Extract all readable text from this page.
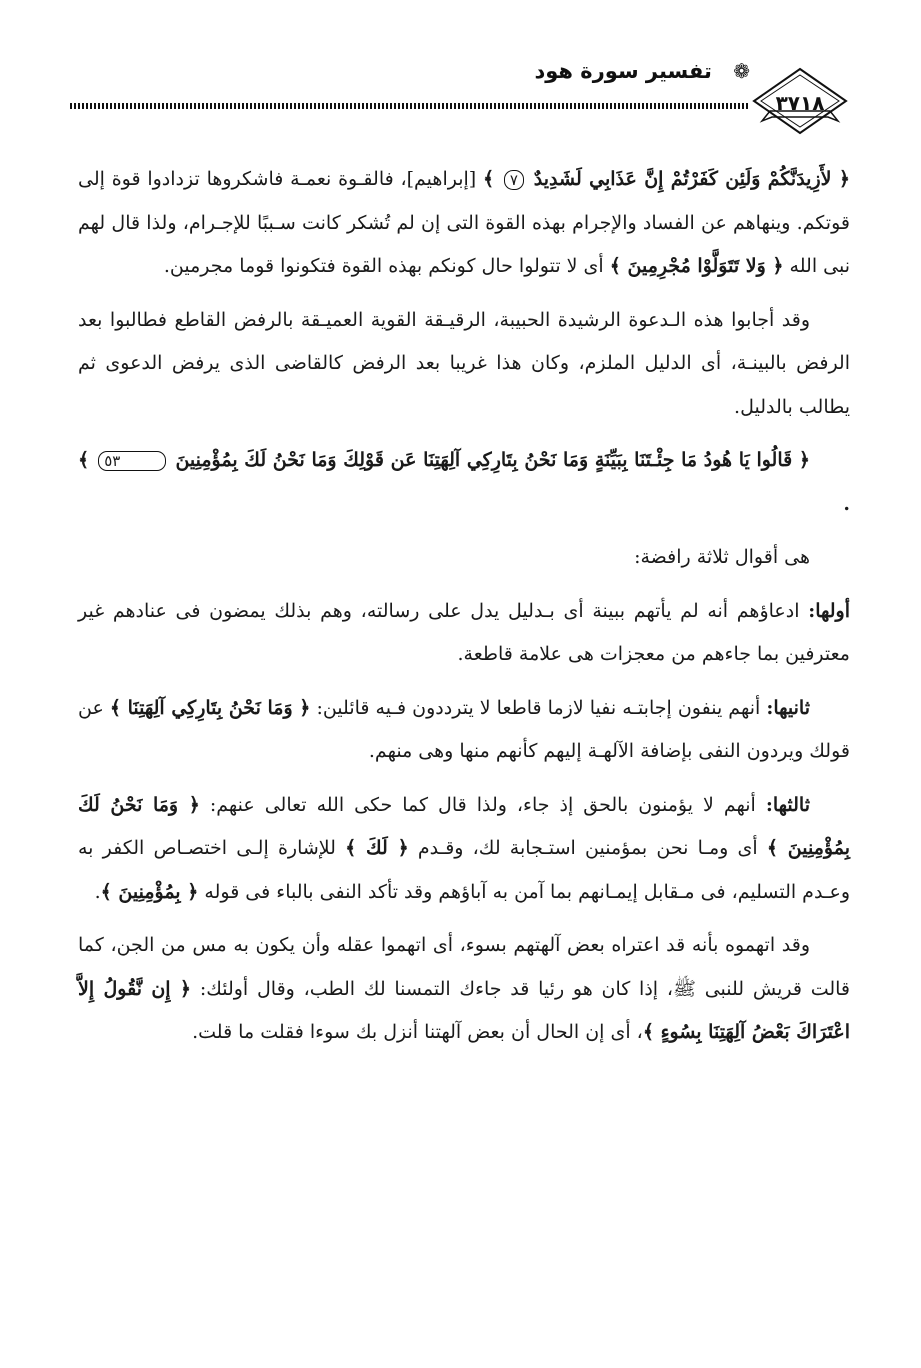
٣٧١٨
❁ تفسير سورة هود

﴿ لأَزِيدَنَّكُمْ وَلَئِن كَفَرْتُمْ إِنَّ عَذَابِي لَشَدِيدٌ ٧ ﴾ [إبراهيم]، فالقـوة نعمـة فاشكروها تزدادوا قوة إلى قوتكم. وينهاهم عن الفساد والإجرام بهذه القوة التى إن لم تُشكر كانت سـببًا للإجـرام، ولذا قال لهم نبى الله ﴿ وَلا تَتَوَلَّوْا مُجْرِمِينَ ﴾ أى لا تتولوا حال كونكم بهذه القوة فتكونوا قوما مجرمين.

وقد أجابوا هذه الـدعوة الرشيدة الحبيبة، الرقيـقة القوية العميـقة بالرفض القاطع فطالبوا بعد الرفض بالبينـة، أى الدليل الملزم، وكان هذا غريبا بعد الرفض كالقاضى الذى يرفض الدعوى ثم يطالب بالدليل.

﴿ قَالُوا يَا هُودُ مَا جِئْـتَنَا بِبَيِّنَةٍ وَمَا نَحْنُ بِتَارِكِي آلِهَتِنَا عَن قَوْلِكَ وَمَا نَحْنُ لَكَ بِمُؤْمِنِينَ ٥٣ ﴾ .

هى أقوال ثلاثة رافضة:

أولها: ادعاؤهم أنه لم يأتهم ببينة أى بـدليل يدل على رسالته، وهم بذلك يمضون فى عنادهم غير معترفين بما جاءهم من معجزات هى علامة قاطعة.

ثانيها: أنهم ينفون إجابتـه نفيا لازما قاطعا لا يترددون فـيه قائلين: ﴿ وَمَا نَحْنُ بِتَارِكِي آلِهَتِنَا ﴾ عن قولك ويردون النفى بإضافة الآلهـة إليهم كأنهم منها وهى منهم.

ثالثها: أنهم لا يؤمنون بالحق إذ جاء، ولذا قال كما حكى الله تعالى عنهم: ﴿ وَمَا نَحْنُ لَكَ بِمُؤْمِنِينَ ﴾ أى ومـا نحن بمؤمنين استـجابة لك، وقـدم ﴿ لَكَ ﴾ للإشارة إلـى اختصـاص الكفر به وعـدم التسليم، فى مـقابل إيمـانهم بما آمن به آباؤهم وقد تأكد النفى بالباء فى قوله ﴿ بِمُؤْمِنِينَ ﴾.

وقد اتهموه بأنه قد اعتراه بعض آلهتهم بسوء، أى اتهموا عقله وأن يكون به مس من الجن، كما قالت قريش للنبى ﷺ، إذا كان هو رئيا قد جاءك التمسنا لك الطب، وقال أولئك: ﴿ إِن نَّقُولُ إِلاَّ اعْتَرَاكَ بَعْضُ آلِهَتِنَا بِسُوءٍ ﴾، أى إن الحال أن بعض آلهتنا أنزل بك سوءا فقلت ما قلت.
